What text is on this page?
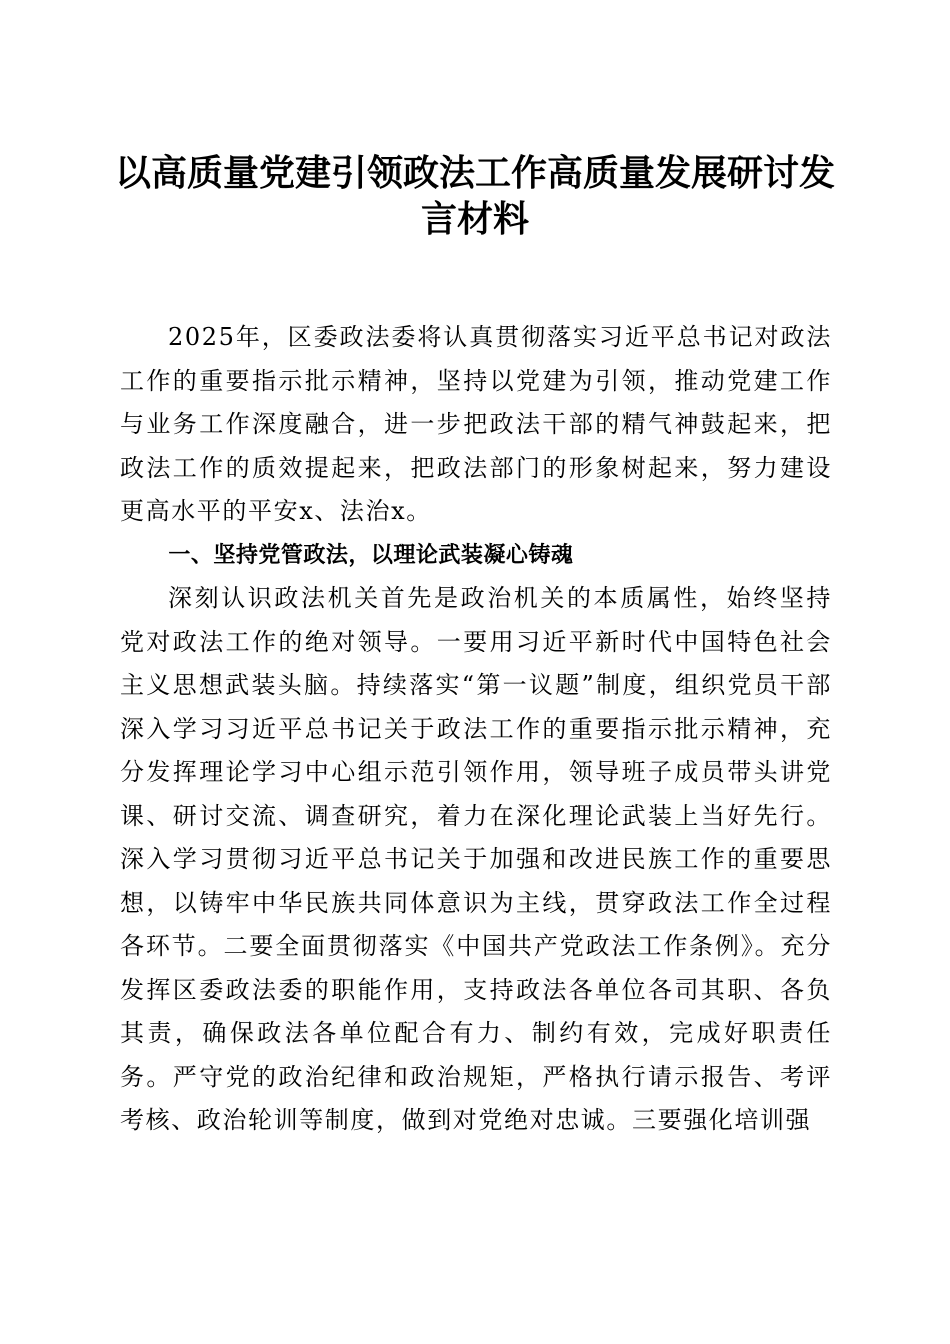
以高质量党建引领政法工作高质量发展研讨发言材料

2025年，区委政法委将认真贯彻落实习近平总书记对政法工作的重要指示批示精神，坚持以党建为引领，推动党建工作与业务工作深度融合，进一步把政法干部的精气神鼓起来，把政法工作的质效提起来，把政法部门的形象树起来，努力建设更高水平的平安x、法治x。

一、坚持党管政法，以理论武装凝心铸魂

深刻认识政法机关首先是政治机关的本质属性，始终坚持党对政法工作的绝对领导。一要用习近平新时代中国特色社会主义思想武装头脑。持续落实“第一议题”制度，组织党员干部深入学习习近平总书记关于政法工作的重要指示批示精神，充分发挥理论学习中心组示范引领作用，领导班子成员带头讲党课、研讨交流、调查研究，着力在深化理论武装上当好先行。深入学习贯彻习近平总书记关于加强和改进民族工作的重要思想，以铸牢中华民族共同体意识为主线，贯穿政法工作全过程各环节。二要全面贯彻落实《中国共产党政法工作条例》。充分发挥区委政法委的职能作用，支持政法各单位各司其职、各负其责，确保政法各单位配合有力、制约有效，完成好职责任务。严守党的政治纪律和政治规矩，严格执行请示报告、考评考核、政治轮训等制度，做到对党绝对忠诚。三要强化培训强
